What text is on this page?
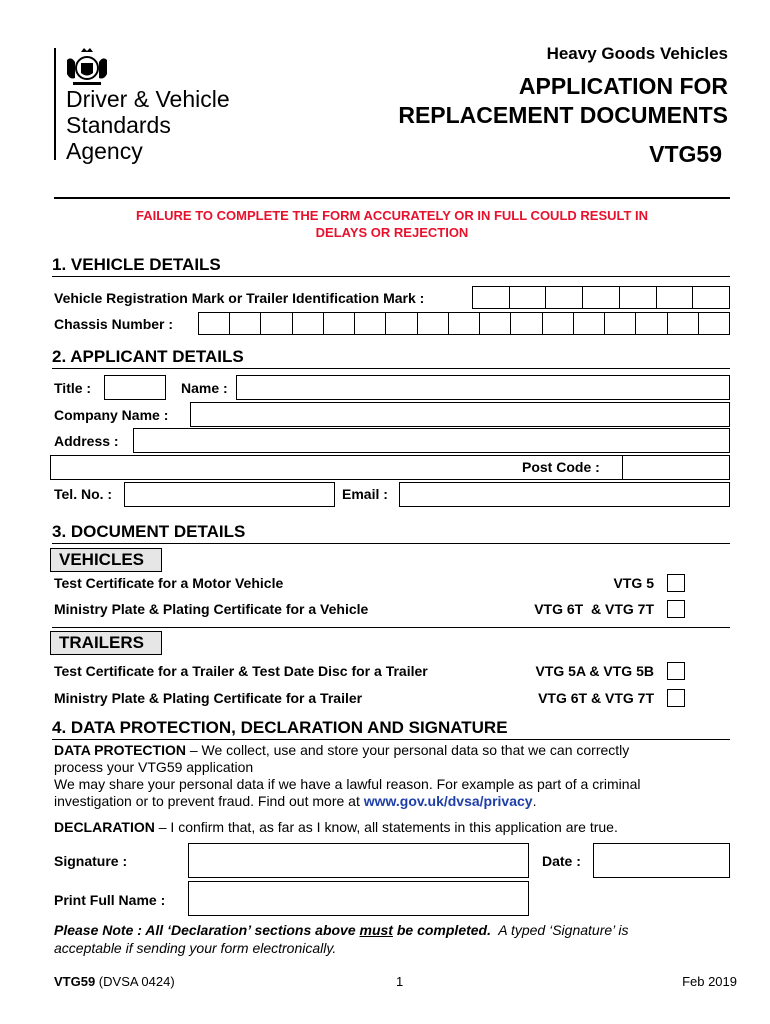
Driver & Vehicle
Standards
Agency
Heavy Goods Vehicles
APPLICATION FOR
REPLACEMENT DOCUMENTS
VTG59
FAILURE TO COMPLETE THE FORM ACCURATELY OR IN FULL COULD RESULT IN
DELAYS OR REJECTION
1. VEHICLE DETAILS
Vehicle Registration Mark or Trailer Identification Mark :
Chassis Number :
2. APPLICANT DETAILS
Title :	Name :
Company Name :
Address :
Post Code :
Tel. No. :	Email :
3. DOCUMENT DETAILS
VEHICLES
Test Certificate for a Motor Vehicle	VTG 5
Ministry Plate & Plating Certificate for a Vehicle	VTG 6T  & VTG 7T
TRAILERS
Test Certificate for a Trailer & Test Date Disc for a Trailer	VTG 5A & VTG 5B
Ministry Plate & Plating Certificate for a Trailer	VTG 6T & VTG 7T
4. DATA PROTECTION, DECLARATION AND SIGNATURE
DATA PROTECTION – We collect, use and store your personal data so that we can correctly
process your VTG59 application
We may share your personal data if we have a lawful reason. For example as part of a criminal
investigation or to prevent fraud. Find out more at www.gov.uk/dvsa/privacy.
DECLARATION – I confirm that, as far as I know, all statements in this application are true.
Signature :	Date :
Print Full Name :
Please Note : All ‘Declaration’ sections above must be completed.  A typed ‘Signature’ is
acceptable if sending your form electronically.
VTG59 (DVSA 0424)	1	Feb 2019
